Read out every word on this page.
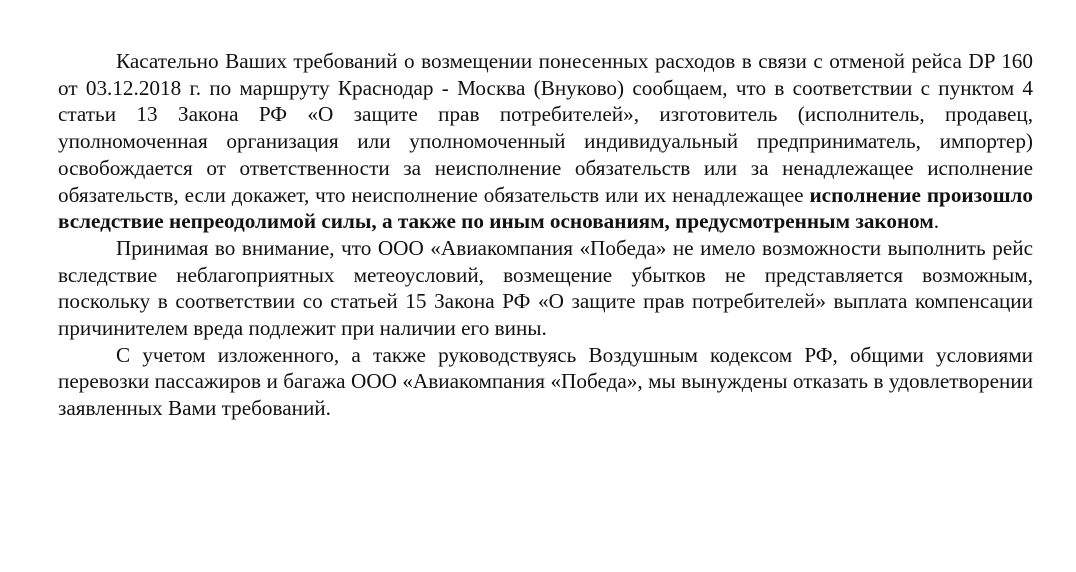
Касательно Ваших требований о возмещении понесенных расходов в связи с отменой рейса DP 160 от 03.12.2018 г. по маршруту Краснодар - Москва (Внуково) сообщаем, что в соответствии с пунктом 4 статьи 13 Закона РФ «О защите прав потребителей», изготовитель (исполнитель, продавец, уполномоченная организация или уполномоченный индивидуальный предприниматель, импортер) освобождается от ответственности за неисполнение обязательств или за ненадлежащее исполнение обязательств, если докажет, что неисполнение обязательств или их ненадлежащее исполнение произошло вследствие непреодолимой силы, а также по иным основаниям, предусмотренным законом.

Принимая во внимание, что ООО «Авиакомпания «Победа» не имело возможности выполнить рейс вследствие неблагоприятных метеоусловий, возмещение убытков не представляется возможным, поскольку в соответствии со статьей 15 Закона РФ «О защите прав потребителей» выплата компенсации причинителем вреда подлежит при наличии его вины.

С учетом изложенного, а также руководствуясь Воздушным кодексом РФ, общими условиями перевозки пассажиров и багажа ООО «Авиакомпания «Победа», мы вынуждены отказать в удовлетворении заявленных Вами требований.
